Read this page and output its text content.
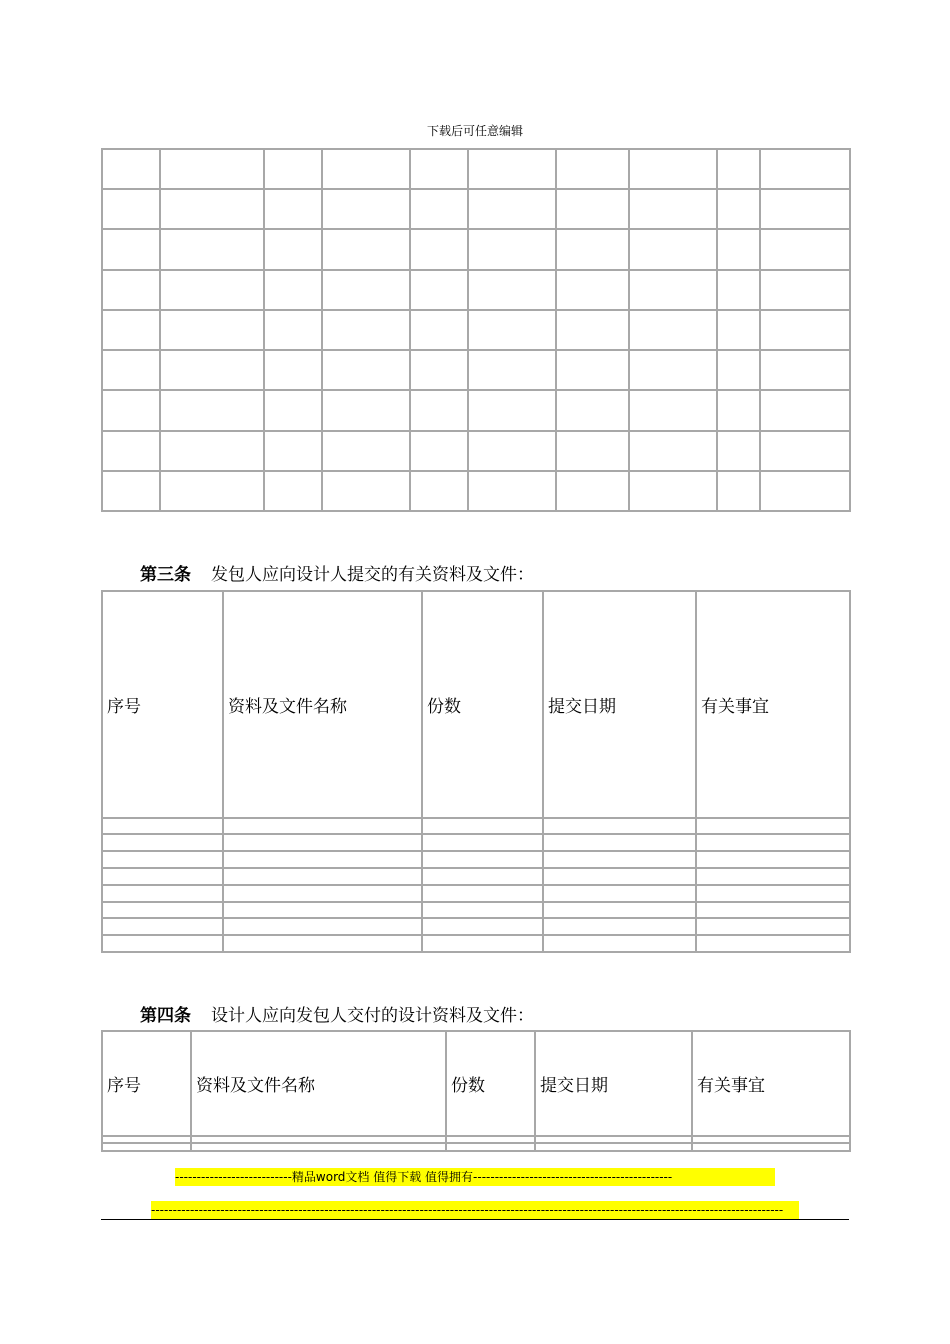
下载后可任意编辑

第三条 发包人应向设计人提交的有关资料及文件：
序号	资料及文件名称	份数	提交日期	有关事宜

第四条 设计人应向发包人交付的设计资料及文件：
序号	资料及文件名称	份数	提交日期	有关事宜

---------------------------精品word文档 值得下载 值得拥有----------------------------------------------
--------------------------------------------------------------------------------------------------------------------------------------------------
